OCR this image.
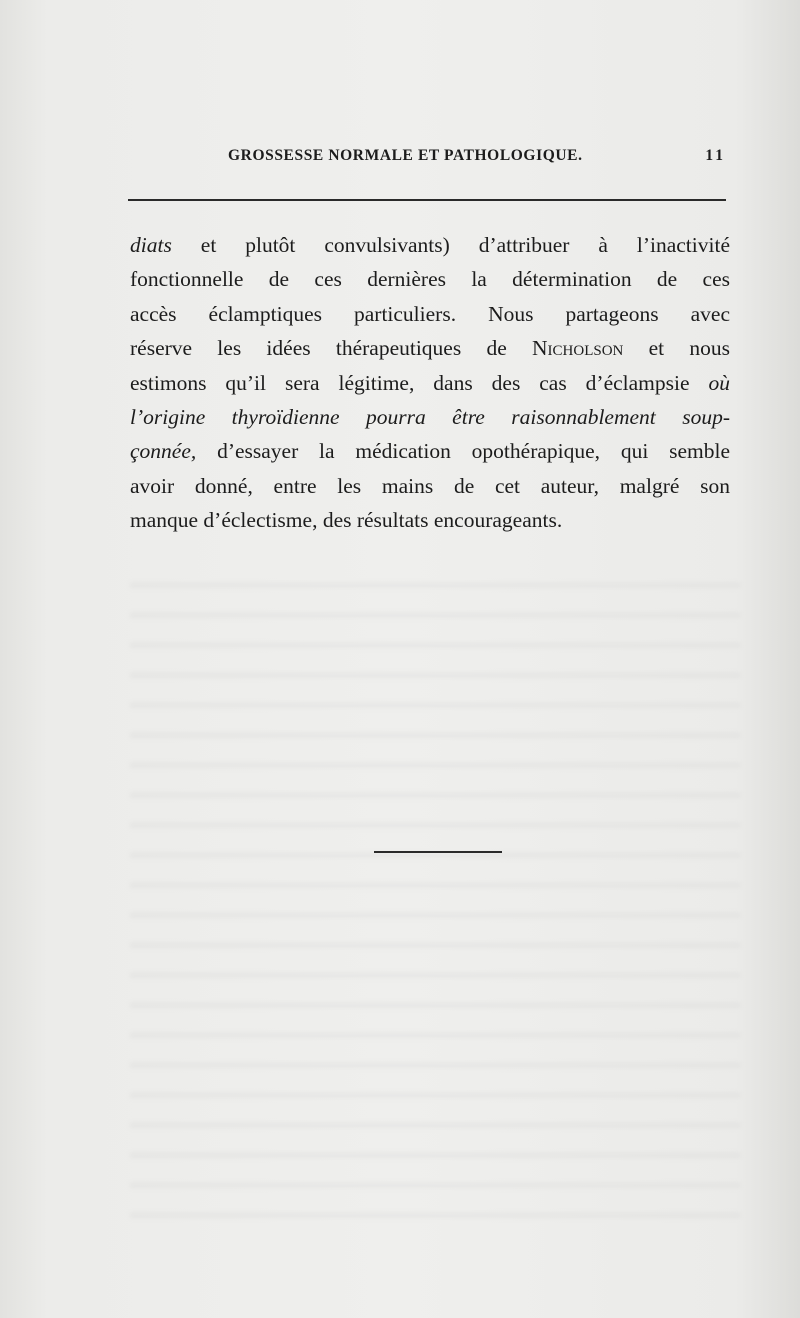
GROSSESSE NORMALE ET PATHOLOGIQUE.	11
diats et plutôt convulsivants) d’attribuer à l’inactivité
fonctionnelle de ces dernières la détermination de ces
accès éclamptiques particuliers. Nous partageons avec
réserve les idées thérapeutiques de Nicholson et nous
estimons qu’il sera légitime, dans des cas d’éclampsie où
l’origine thyroïdienne pourra être raisonnablement soup-
çonnée, d’essayer la médication opothérapique, qui semble
avoir donné, entre les mains de cet auteur, malgré son
manque d’éclectisme, des résultats encourageants.
